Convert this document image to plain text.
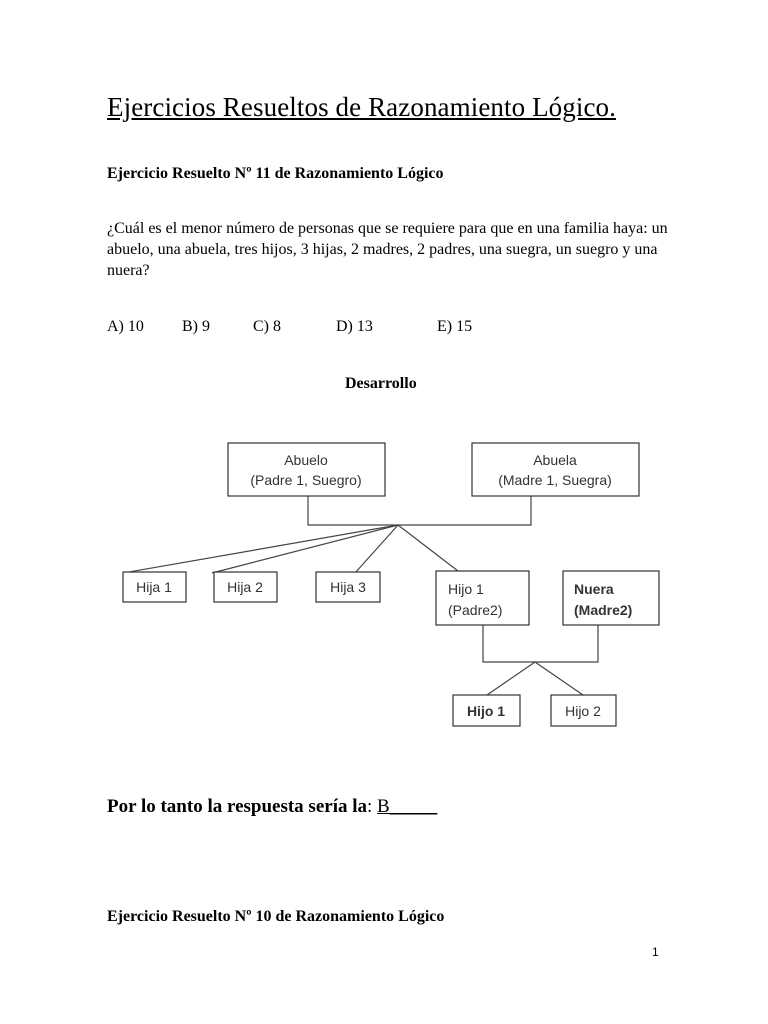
Ejercicios Resueltos de Razonamiento Lógico.
Ejercicio Resuelto Nº 11 de Razonamiento Lógico
¿Cuál es el menor número de personas que se requiere para que en una familia haya: un abuelo, una abuela, tres hijos, 3 hijas, 2 madres, 2 padres, una suegra, un suegro y una nuera?
A) 10 B) 9	C) 8	D) 13	E) 15
Desarrollo
Abuelo
(Padre 1, Suegro)
Abuela
(Madre 1, Suegra)
Hija 1	Hija 2	Hija 3	Hijo 1
(Padre2)
Nuera
(Madre2)
Hijo 1	Hijo 2
Por lo tanto la respuesta sería la: B_____
Ejercicio Resuelto Nº 10 de Razonamiento Lógico
1
